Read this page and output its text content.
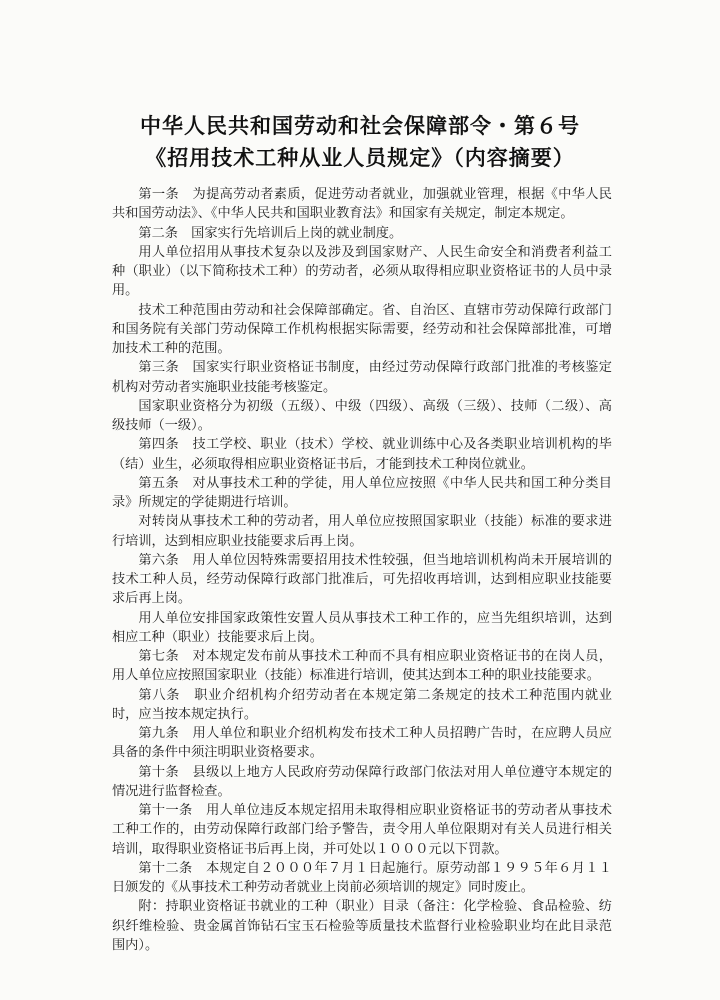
中华人民共和国劳动和社会保障部令・第６号
《招用技术工种从业人员规定》（内容摘要）

第一条　为提高劳动者素质，促进劳动者就业，加强就业管理，根据《中华人民共和国劳动法》、《中华人民共和国职业教育法》和国家有关规定，制定本规定。

第二条　国家实行先培训后上岗的就业制度。

用人单位招用从事技术复杂以及涉及到国家财产、人民生命安全和消费者利益工种（职业）（以下简称技术工种）的劳动者，必须从取得相应职业资格证书的人员中录用。

技术工种范围由劳动和社会保障部确定。省、自治区、直辖市劳动保障行政部门和国务院有关部门劳动保障工作机构根据实际需要，经劳动和社会保障部批准，可增加技术工种的范围。

第三条　国家实行职业资格证书制度，由经过劳动保障行政部门批准的考核鉴定机构对劳动者实施职业技能考核鉴定。

国家职业资格分为初级（五级）、中级（四级）、高级（三级）、技师（二级）、高级技师（一级）。

第四条　技工学校、职业（技术）学校、就业训练中心及各类职业培训机构的毕（结）业生，必须取得相应职业资格证书后，才能到技术工种岗位就业。

第五条　对从事技术工种的学徒，用人单位应按照《中华人民共和国工种分类目录》所规定的学徒期进行培训。

对转岗从事技术工种的劳动者，用人单位应按照国家职业（技能）标准的要求进行培训，达到相应职业技能要求后再上岗。

第六条　用人单位因特殊需要招用技术性较强，但当地培训机构尚未开展培训的技术工种人员，经劳动保障行政部门批准后，可先招收再培训，达到相应职业技能要求后再上岗。

用人单位安排国家政策性安置人员从事技术工种工作的，应当先组织培训，达到相应工种（职业）技能要求后上岗。

第七条　对本规定发布前从事技术工种而不具有相应职业资格证书的在岗人员，用人单位应按照国家职业（技能）标准进行培训，使其达到本工种的职业技能要求。

第八条　职业介绍机构介绍劳动者在本规定第二条规定的技术工种范围内就业时，应当按本规定执行。

第九条　用人单位和职业介绍机构发布技术工种人员招聘广告时，在应聘人员应具备的条件中须注明职业资格要求。

第十条　县级以上地方人民政府劳动保障行政部门依法对用人单位遵守本规定的情况进行监督检查。

第十一条　用人单位违反本规定招用未取得相应职业资格证书的劳动者从事技术工种工作的，由劳动保障行政部门给予警告，责令用人单位限期对有关人员进行相关培训，取得职业资格证书后再上岗，并可处以１０００元以下罚款。

第十二条　本规定自２０００年７月１日起施行。原劳动部１９９５年６月１１日颁发的《从事技术工种劳动者就业上岗前必须培训的规定》同时废止。

附：持职业资格证书就业的工种（职业）目录（备注：化学检验、食品检验、纺织纤维检验、贵金属首饰钻石宝玉石检验等质量技术监督行业检验职业均在此目录范围内）。
